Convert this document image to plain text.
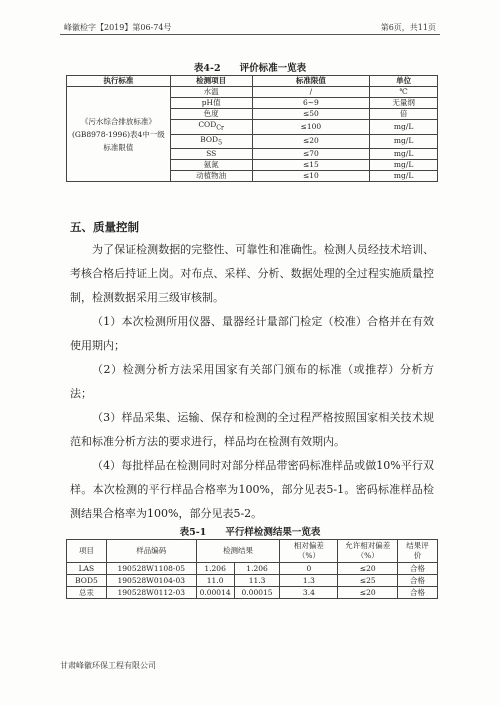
峰徽检字【2019】第06-74号	第6页，共11页
表4-2　　评价标准一览表
执行标准	检测项目	标准限值	单位
《污水综合排放标准》(GB8978-1996)表4中一级标准限值	水温	/	℃
	pH值	6~9	无量纲
	色度	≤50	倍
	$COD_{Cr}$	≤100	mg/L
	$BOD_5$	≤20	mg/L
	SS	≤70	mg/L
	氨氮	≤15	mg/L
	动植物油	≤10	mg/L
五、质量控制
为了保证检测数据的完整性、可靠性和准确性。检测人员经技术培训、考核合格后持证上岗。对布点、采样、分析、数据处理的全过程实施质量控制，检测数据采用三级审核制。
（1）本次检测所用仪器、量器经计量部门检定（校准）合格并在有效使用期内；
（2）检测分析方法采用国家有关部门颁布的标准（或推荐）分析方法；
（3）样品采集、运输、保存和检测的全过程严格按照国家相关技术规范和标准分析方法的要求进行，样品均在检测有效期内。
（4）每批样品在检测同时对部分样品带密码标准样品或做10%平行双样。本次检测的平行样品合格率为100%，部分见表5-1。密码标准样品检测结果合格率为100%，部分见表5-2。
表5-1　　平行样检测结果一览表
项目	样品编码	检测结果		相对偏差（%）	允许相对偏差（%）	结果评价
LAS	190528W1108-05	1.206	1.206	0	≤20	合格
BOD5	190528W0104-03	11.0	11.3	1.3	≤25	合格
总汞	190528W0112-03	0.00014	0.00015	3.4	≤20	合格
甘肃峰徽环保工程有限公司
